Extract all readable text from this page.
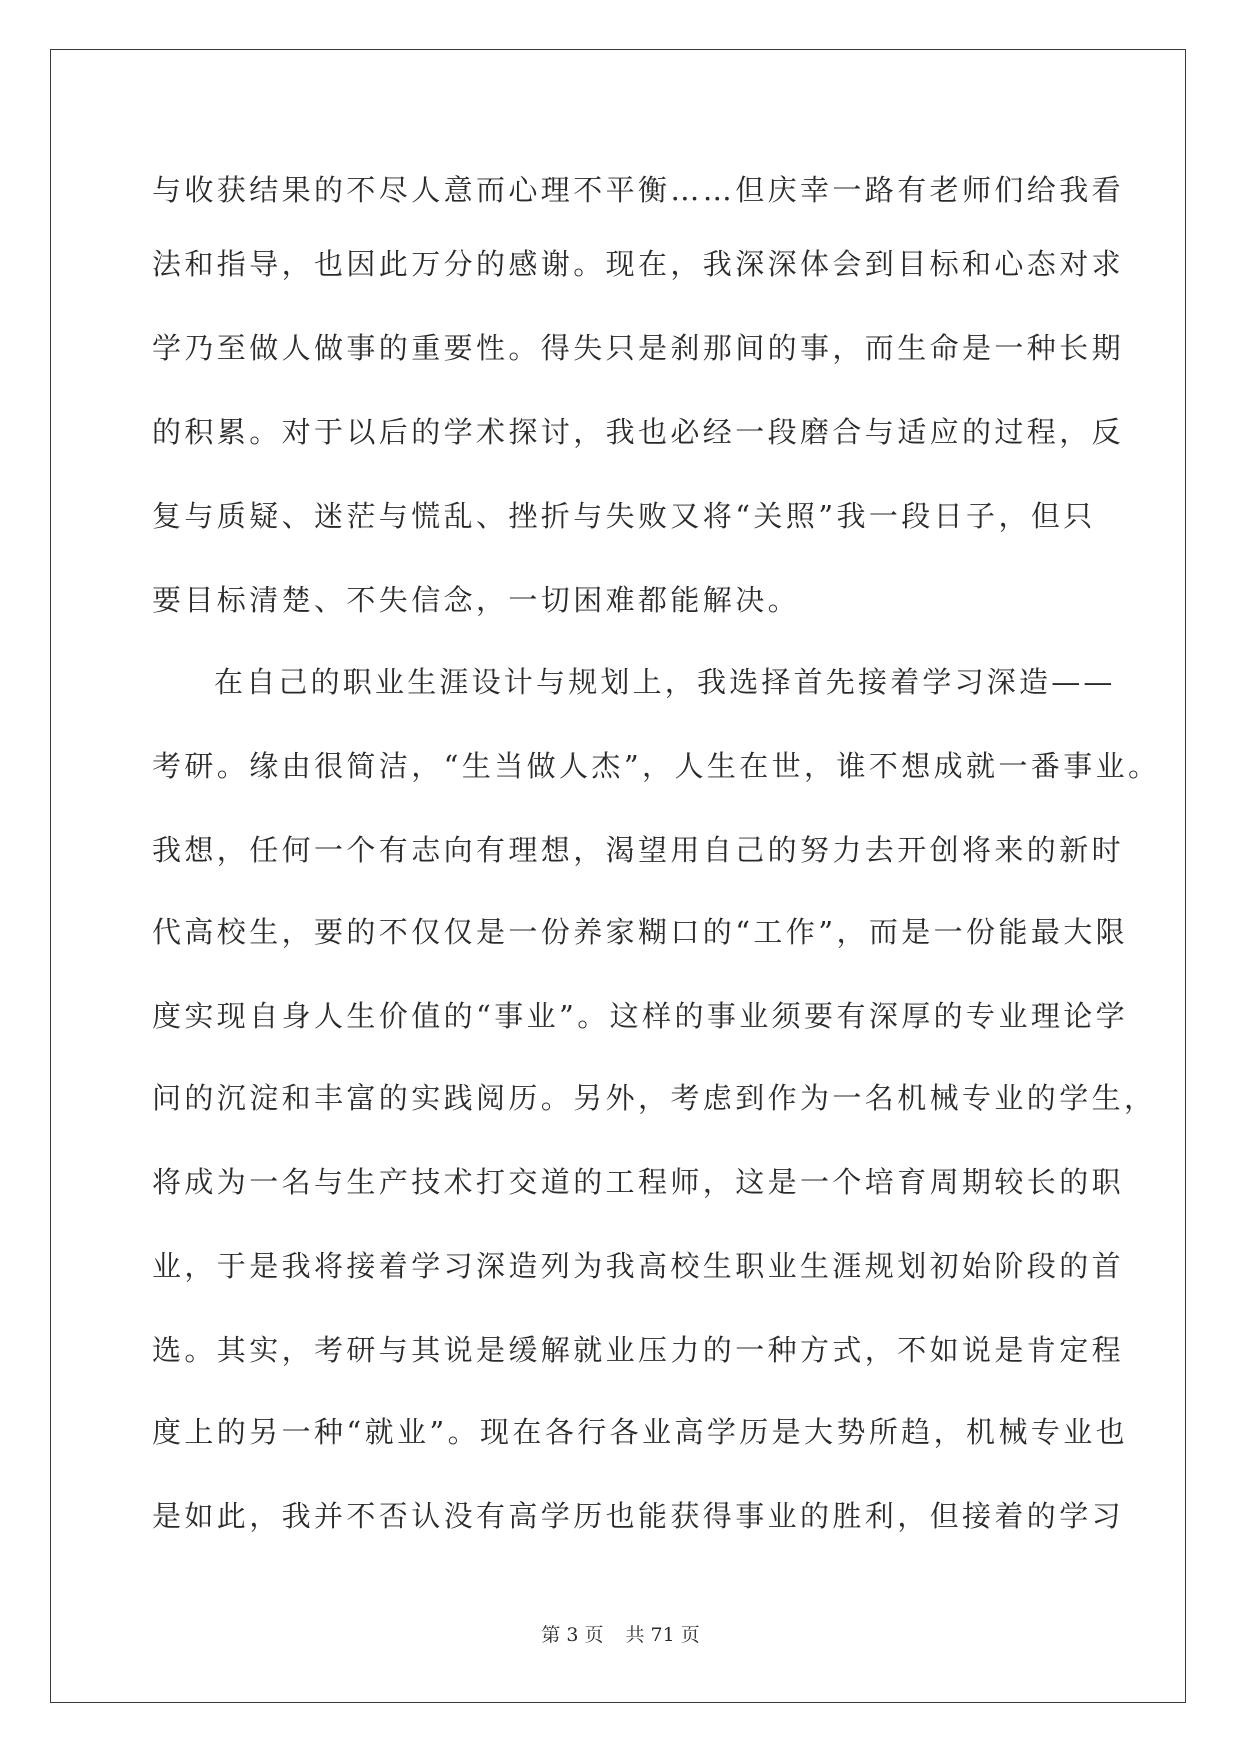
与收获结果的不尽人意而心理不平衡……但庆幸一路有老师们给我看
法和指导，也因此万分的感谢。现在，我深深体会到目标和心态对求
学乃至做人做事的重要性。得失只是刹那间的事，而生命是一种长期
的积累。对于以后的学术探讨，我也必经一段磨合与适应的过程，反
复与质疑、迷茫与慌乱、挫折与失败又将“关照”我一段日子，但只
要目标清楚、不失信念，一切困难都能解决。
在自己的职业生涯设计与规划上，我选择首先接着学习深造——
考研。缘由很简洁，“生当做人杰”，人生在世，谁不想成就一番事业。
我想，任何一个有志向有理想，渴望用自己的努力去开创将来的新时
代高校生，要的不仅仅是一份养家糊口的“工作”，而是一份能最大限
度实现自身人生价值的“事业”。这样的事业须要有深厚的专业理论学
问的沉淀和丰富的实践阅历。另外，考虑到作为一名机械专业的学生，
将成为一名与生产技术打交道的工程师，这是一个培育周期较长的职
业，于是我将接着学习深造列为我高校生职业生涯规划初始阶段的首
选。其实，考研与其说是缓解就业压力的一种方式，不如说是肯定程
度上的另一种“就业”。现在各行各业高学历是大势所趋，机械专业也
是如此，我并不否认没有高学历也能获得事业的胜利，但接着的学习
第 3 页 共 71 页
